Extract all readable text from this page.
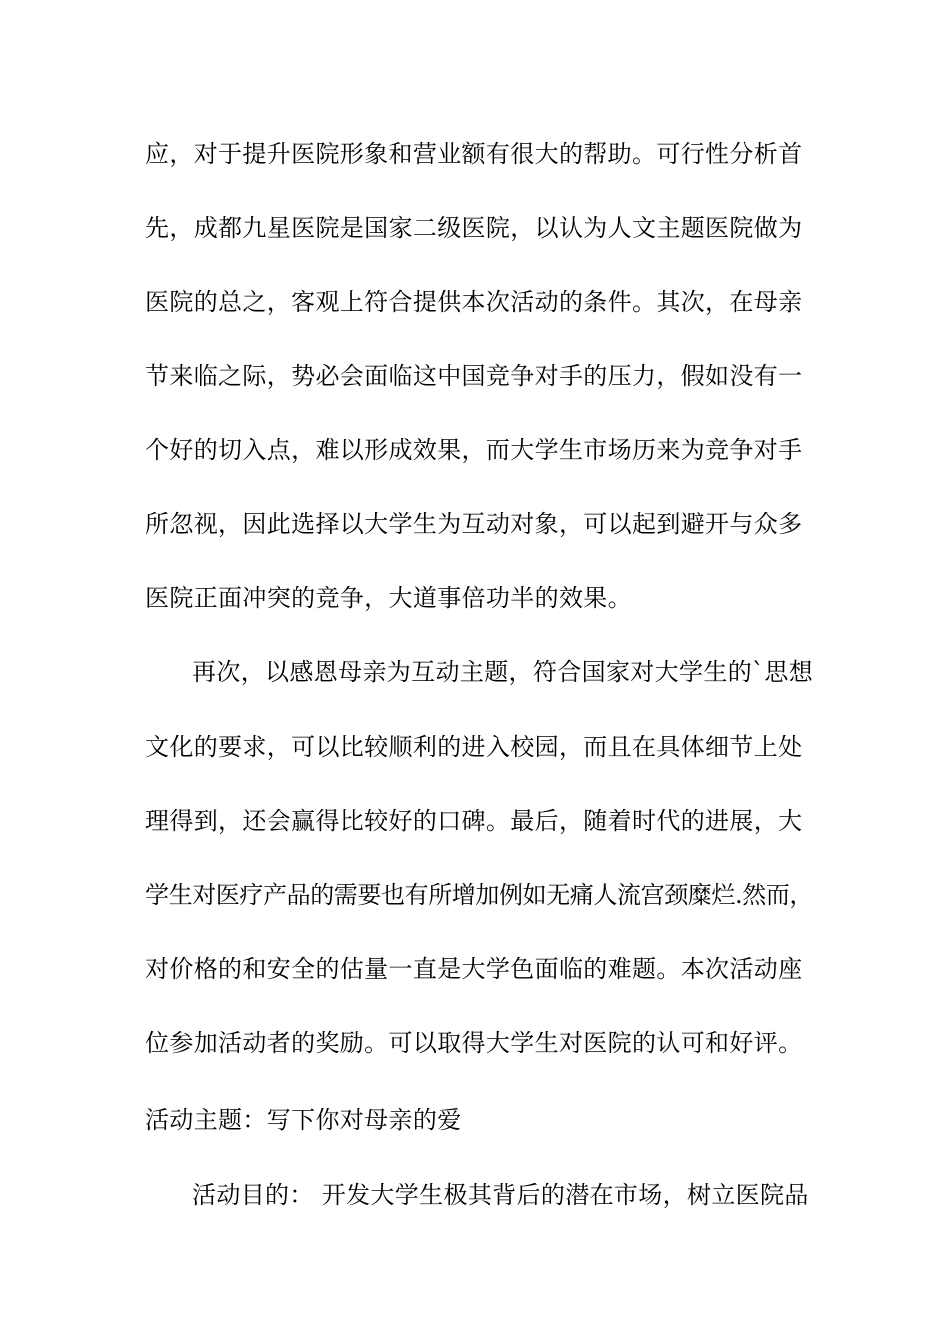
应，对于提升医院形象和营业额有很大的帮助。可行性分析首
先，成都九星医院是国家二级医院，以认为人文主题医院做为
医院的总之，客观上符合提供本次活动的条件。其次，在母亲
节来临之际，势必会面临这中国竞争对手的压力，假如没有一
个好的切入点，难以形成效果，而大学生市场历来为竞争对手
所忽视，因此选择以大学生为互动对象，可以起到避开与众多
医院正面冲突的竞争，大道事倍功半的效果。
再次，以感恩母亲为互动主题，符合国家对大学生的`思想
文化的要求，可以比较顺利的进入校园，而且在具体细节上处
理得到，还会赢得比较好的口碑。最后，随着时代的进展，大
学生对医疗产品的需要也有所增加例如无痛人流宫颈糜烂.然而，
对价格的和安全的估量一直是大学色面临的难题。本次活动座
位参加活动者的奖励。可以取得大学生对医院的认可和好评。
活动主题：写下你对母亲的爱
活动目的： 开发大学生极其背后的潜在市场，树立医院品
